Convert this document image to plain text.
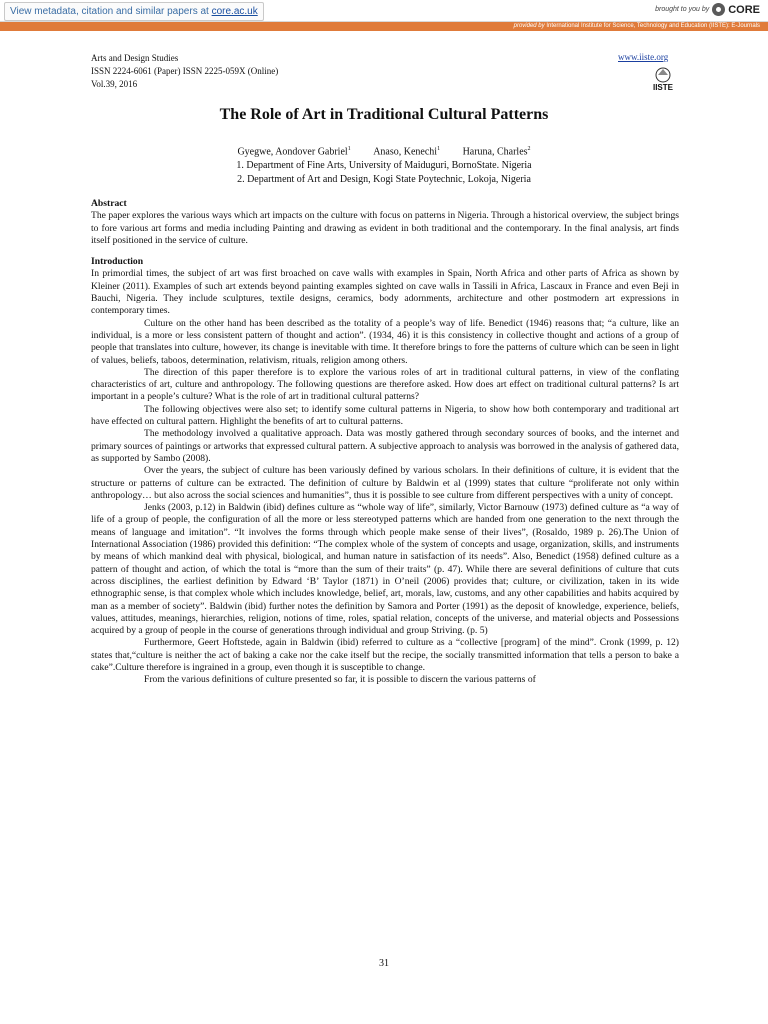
View metadata, citation and similar papers at core.ac.uk	brought to you by CORE
provided by International Institute for Science, Technology and Education (IISTE): E-Journals
Arts and Design Studies
ISSN 2224-6061 (Paper) ISSN 2225-059X (Online)
Vol.39, 2016
www.iiste.org
IISTE
The Role of Art in Traditional Cultural Patterns
Gyegwe, Aondover Gabriel$^1$ Anaso, Kenechi$^1$ Haruna, Charles$^2$
1. Department of Fine Arts, University of Maiduguri, BornoState. Nigeria
2. Department of Art and Design, Kogi State Poytechnic, Lokoja, Nigeria

Abstract

The paper explores the various ways which art impacts on the culture with focus on patterns in Nigeria. Through a historical overview, the subject brings to fore various art forms and media including Painting and drawing as evident in both traditional and the contemporary. In the final analysis, art finds itself positioned in the service of culture.

Introduction

In primordial times, the subject of art was first broached on cave walls with examples in Spain, North Africa and other parts of Africa as shown by Kleiner (2011). Examples of such art extends beyond painting examples sighted on cave walls in Tassili in Africa, Lascaux in France and even Beji in Bauchi, Nigeria. They include sculptures, textile designs, ceramics, body adornments, architecture and other postmodern art expressions in contemporary times.

Culture on the other hand has been described as the totality of a people’s way of life. Benedict (1946) reasons that; “a culture, like an individual, is a more or less consistent pattern of thought and action”. (1934, 46) it is this consistency in collective thought and actions of a group of people that translates into culture, however, its change is inevitable with time. It therefore brings to fore the patterns of culture which can be seen in light of values, beliefs, taboos, determination, relativism, rituals, religion among others.

The direction of this paper therefore is to explore the various roles of art in traditional cultural patterns, in view of the conflating characteristics of art, culture and anthropology. The following questions are therefore asked. How does art effect on traditional cultural patterns? Is art important in a people’s culture? What is the role of art in traditional cultural patterns?

The following objectives were also set; to identify some cultural patterns in Nigeria, to show how both contemporary and traditional art have effected on cultural pattern. Highlight the benefits of art to cultural patterns.

The methodology involved a qualitative approach. Data was mostly gathered through secondary sources of books, and the internet and primary sources of paintings or artworks that expressed cultural pattern. A subjective approach to analysis was borrowed in the analysis of gathered data, as supported by Sambo (2008).

Over the years, the subject of culture has been variously defined by various scholars. In their definitions of culture, it is evident that the structure or patterns of culture can be extracted. The definition of culture by Baldwin et al (1999) states that culture “proliferate not only within anthropology… but also across the social sciences and humanities”, thus it is possible to see culture from different perspectives with a unity of concept.

Jenks (2003, p.12) in Baldwin (ibid) defines culture as “whole way of life”, similarly, Victor Barnouw (1973) defined culture as “a way of life of a group of people, the configuration of all the more or less stereotyped patterns which are handed from one generation to the next through the means of language and imitation”. “It involves the forms through which people make sense of their lives”, (Rosaldo, 1989 p. 26).The Union of International Association (1986) provided this definition: “The complex whole of the system of concepts and usage, organization, skills, and instruments by means of which mankind deal with physical, biological, and human nature in satisfaction of its needs”. Also, Benedict (1958) defined culture as a pattern of thought and action, of which the total is “more than the sum of their traits” (p. 47). While there are several definitions of culture that cuts across disciplines, the earliest definition by Edward ‘B’ Taylor (1871) in O’neil (2006) provides that; culture, or civilization, taken in its wide ethnographic sense, is that complex whole which includes knowledge, belief, art, morals, law, customs, and any other capabilities and habits acquired by man as a member of society”. Baldwin (ibid) further notes the definition by Samora and Porter (1991) as the deposit of knowledge, experience, beliefs, values, attitudes, meanings, hierarchies, religion, notions of time, roles, spatial relation, concepts of the universe, and material objects and Possessions acquired by a group of people in the course of generations through individual and group Striving. (p. 5)

Furthermore, Geert Hoftstede, again in Baldwin (ibid) referred to culture as a “collective [program] of the mind”. Cronk (1999, p. 12) states that,“culture is neither the act of baking a cake nor the cake itself but the recipe, the socially transmitted information that tells a person to bake a cake”.Culture therefore is ingrained in a group, even though it is susceptible to change.

From the various definitions of culture presented so far, it is possible to discern the various patterns of

31
